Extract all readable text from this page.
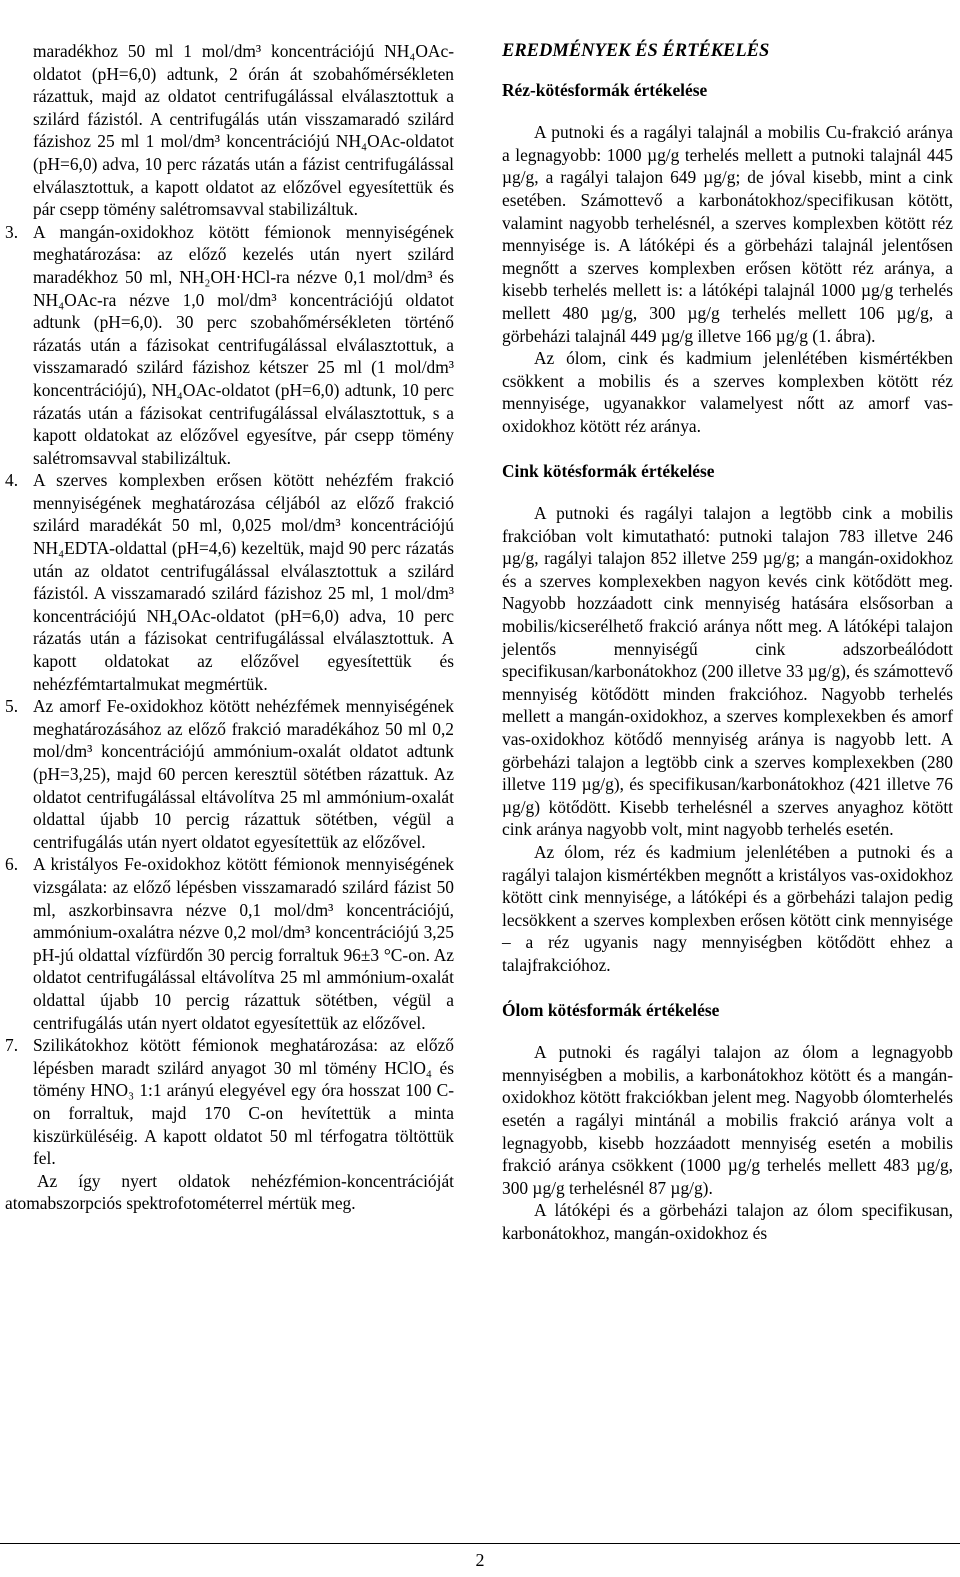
maradékhoz 50 ml 1 mol/dm³ koncentrációjú NH₄OAc-oldatot (pH=6,0) adtunk, 2 órán át szobahőmérsékleten rázattuk, majd az oldatot centrifugálással elválasztottuk a szilárd fázistól. A centrifugálás után visszamaradó szilárd fázishoz 25 ml 1 mol/dm³ koncentrációjú NH₄OAc-oldatot (pH=6,0) adva, 10 perc rázatás után a fázist centrifugálással elválasztottuk, a kapott oldatot az előzővel egyesítettük és pár csepp tömény salétromsavval stabilizáltuk.

3. A mangán-oxidokhoz kötött fémionok mennyiségének meghatározása: az előző kezelés után nyert szilárd maradékhoz 50 ml, NH₂OH·HCl-ra nézve 0,1 mol/dm³ és NH₄OAc-ra nézve 1,0 mol/dm³ koncentrációjú oldatot adtunk (pH=6,0). 30 perc szobahőmérsékleten történő rázatás után a fázisokat centrifugálással elválasztottuk, a visszamaradó szilárd fázishoz kétszer 25 ml (1 mol/dm³ koncentrációjú), NH₄OAc-oldatot (pH=6,0) adtunk, 10 perc rázatás után a fázisokat centrifugálással elválasztottuk, s a kapott oldatokat az előzővel egyesítve, pár csepp tömény salétromsavval stabilizáltuk.

4. A szerves komplexben erősen kötött nehézfém frakció mennyiségének meghatározása céljából az előző frakció szilárd maradékát 50 ml, 0,025 mol/dm³ koncentrációjú NH₄EDTA-oldattal (pH=4,6) kezeltük, majd 90 perc rázatás után az oldatot centrifugálással elválasztottuk a szilárd fázistól. A visszamaradó szilárd fázishoz 25 ml, 1 mol/dm³ koncentrációjú NH₄OAc-oldatot (pH=6,0) adva, 10 perc rázatás után a fázisokat centrifugálással elválasztottuk. A kapott oldatokat az előzővel egyesítettük és nehézfémtartalmukat megmértük.

5. Az amorf Fe-oxidokhoz kötött nehézfémek mennyiségének meghatározásához az előző frakció maradékához 50 ml 0,2 mol/dm³ koncentrációjú ammónium-oxalát oldatot adtunk (pH=3,25), majd 60 percen keresztül sötétben rázattuk. Az oldatot centrifugálással eltávolítva 25 ml ammónium-oxalát oldattal újabb 10 percig rázattuk sötétben, végül a centrifugálás után nyert oldatot egyesítettük az előzővel.

6. A kristályos Fe-oxidokhoz kötött fémionok mennyiségének vizsgálata: az előző lépésben visszamaradó szilárd fázist 50 ml, aszkorbinsavra nézve 0,1 mol/dm³ koncentrációjú, ammónium-oxalátra nézve 0,2 mol/dm³ koncentrációjú 3,25 pH-jú oldattal vízfürdőn 30 percig forraltuk 96±3 °C-on. Az oldatot centrifugálással eltávolítva 25 ml ammónium-oxalát oldattal újabb 10 percig rázattuk sötétben, végül a centrifugálás után nyert oldatot egyesítettük az előzővel.

7. Szilikátokhoz kötött fémionok meghatározása: az előző lépésben maradt szilárd anyagot 30 ml tömény HClO₄ és tömény HNO₃ 1:1 arányú elegyével egy óra hosszat 100 C-on forraltuk, majd 170 C-on hevítettük a minta kiszürküléséig. A kapott oldatot 50 ml térfogatra töltöttük fel.

Az így nyert oldatok nehézfémion-koncentrációját atomabszorpciós spektrofotométerrel mértük meg.

EREDMÉNYEK ÉS ÉRTÉKELÉS

Réz-kötésformák értékelése

A putnoki és a ragályi talajnál a mobilis Cu-frakció aránya a legnagyobb: 1000 µg/g terhelés mellett a putnoki talajnál 445 µg/g, a ragályi talajon 649 µg/g; de jóval kisebb, mint a cink esetében. Számottevő a karbonátokhoz/specifikusan kötött, valamint nagyobb terhelésnél, a szerves komplexben kötött réz mennyisége is. A látóképi és a görbeházi talajnál jelentősen megnőtt a szerves komplexben erősen kötött réz aránya, a kisebb terhelés mellett is: a látóképi talajnál 1000 µg/g terhelés mellett 480 µg/g, 300 µg/g terhelés mellett 106 µg/g, a görbeházi talajnál 449 µg/g illetve 166 µg/g (1. ábra).

Az ólom, cink és kadmium jelenlétében kismértékben csökkent a mobilis és a szerves komplexben kötött réz mennyisége, ugyanakkor valamelyest nőtt az amorf vas-oxidokhoz kötött réz aránya.

Cink kötésformák értékelése

A putnoki és ragályi talajon a legtöbb cink a mobilis frakcióban volt kimutatható: putnoki talajon 783 illetve 246 µg/g, ragályi talajon 852 illetve 259 µg/g; a mangán-oxidokhoz és a szerves komplexekben nagyon kevés cink kötődött meg. Nagyobb hozzáadott cink mennyiség hatására elsősorban a mobilis/kicserélhető frakció aránya nőtt meg. A látóképi talajon jelentős mennyiségű cink adszorbeálódott specifikusan/karbonátokhoz (200 illetve 33 µg/g), és számottevő mennyiség kötődött minden frakcióhoz. Nagyobb terhelés mellett a mangán-oxidokhoz, a szerves komplexekben és amorf vas-oxidokhoz kötődő mennyiség aránya is nagyobb lett. A görbeházi talajon a legtöbb cink a szerves komplexekben (280 illetve 119 µg/g), és specifikusan/karbonátokhoz (421 illetve 76 µg/g) kötődött. Kisebb terhelésnél a szerves anyaghoz kötött cink aránya nagyobb volt, mint nagyobb terhelés esetén.

Az ólom, réz és kadmium jelenlétében a putnoki és a ragályi talajon kismértékben megnőtt a kristályos vas-oxidokhoz kötött cink mennyisége, a látóképi és a görbeházi talajon pedig lecsökkent a szerves komplexben erősen kötött cink mennyisége – a réz ugyanis nagy mennyiségben kötődött ehhez a talajfrakcióhoz.

Ólom kötésformák értékelése

A putnoki és ragályi talajon az ólom a legnagyobb mennyiségben a mobilis, a karbonátokhoz kötött és a mangán-oxidokhoz kötött frakciókban jelent meg. Nagyobb ólomterhelés esetén a ragályi mintánál a mobilis frakció aránya volt a legnagyobb, kisebb hozzáadott mennyiség esetén a mobilis frakció aránya csökkent (1000 µg/g terhelés mellett 483 µg/g, 300 µg/g terhelésnél 87 µg/g).

A látóképi és a görbeházi talajon az ólom specifikusan, karbonátokhoz, mangán-oxidokhoz és

2
